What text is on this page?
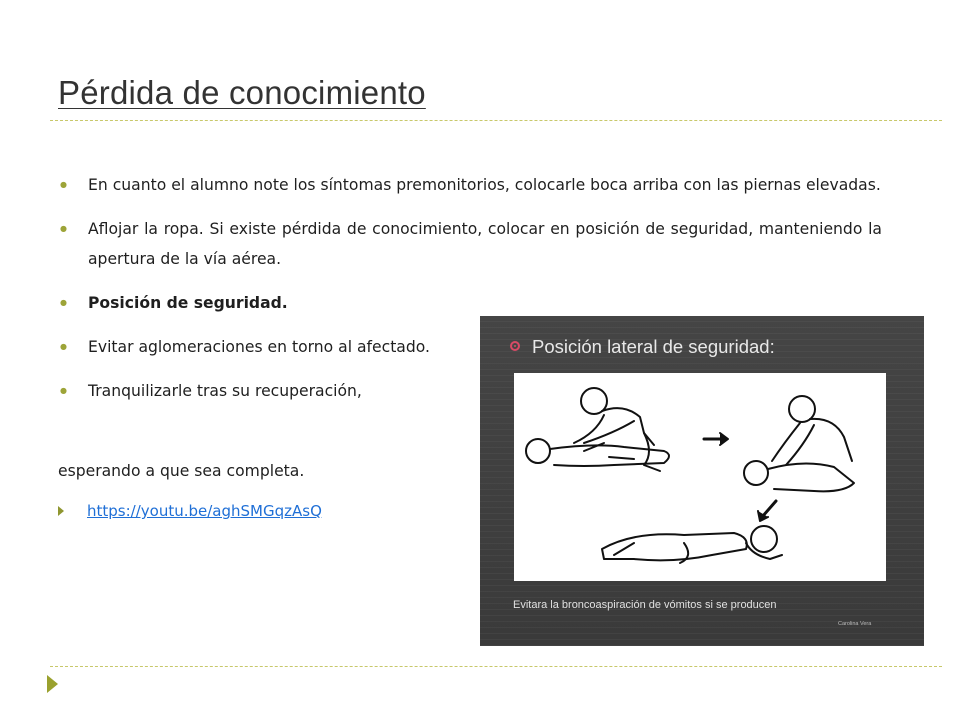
Pérdida de conocimiento
● En cuanto el alumno note los síntomas premonitorios, colocarle boca arriba con las piernas elevadas.
● Aflojar la ropa. Si existe pérdida de conocimiento, colocar en posición de seguridad, manteniendo la apertura de la vía aérea.
● Posición de seguridad.
● Evitar aglomeraciones en torno al afectado.
● Tranquilizarle tras su recuperación,
esperando a que sea completa.
https://youtu.be/aghSMGqzAsQ
Posición lateral de seguridad:
Evitara la broncoaspiración de vómitos si se producen
Carolina Vera
